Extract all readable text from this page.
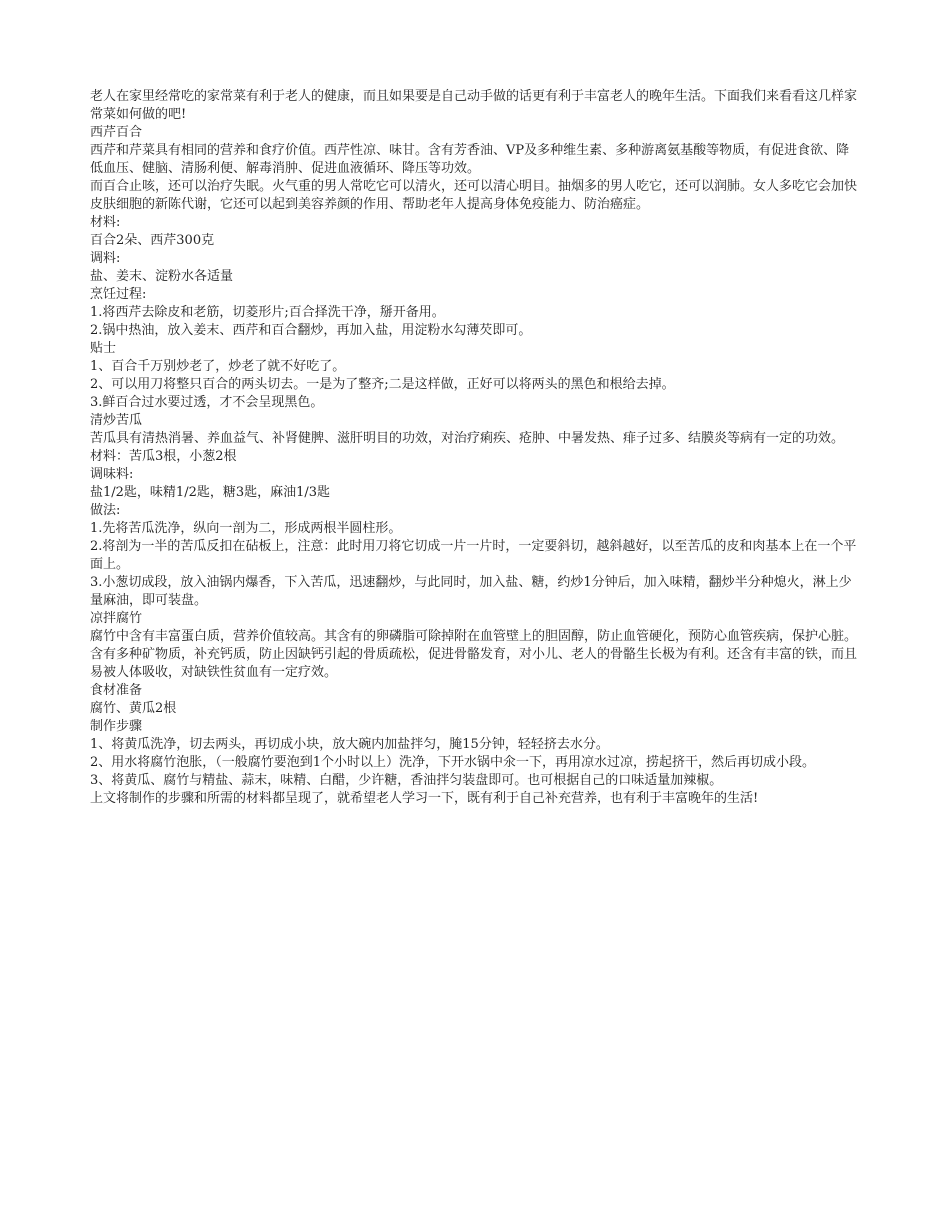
老人在家里经常吃的家常菜有利于老人的健康，而且如果要是自己动手做的话更有利于丰富老人的晚年生活。下面我们来看看这几样家常菜如何做的吧!

西芹百合

西芹和芹菜具有相同的营养和食疗价值。西芹性凉、味甘。含有芳香油、VP及多种维生素、多种游离氨基酸等物质，有促进食欲、降低血压、健脑、清肠利便、解毒消肿、促进血液循环、降压等功效。

而百合止咳，还可以治疗失眠。火气重的男人常吃它可以清火，还可以清心明目。抽烟多的男人吃它，还可以润肺。女人多吃它会加快皮肤细胞的新陈代谢，它还可以起到美容养颜的作用、帮助老年人提高身体免疫能力、防治癌症。

材料:

百合2朵、西芹300克

调料:

盐、姜末、淀粉水各适量

烹饪过程:

1.将西芹去除皮和老筋，切菱形片;百合择洗干净，掰开备用。

2.锅中热油，放入姜末、西芹和百合翻炒，再加入盐，用淀粉水勾薄芡即可。

贴士

1、百合千万别炒老了，炒老了就不好吃了。

2、可以用刀将整只百合的两头切去。一是为了整齐;二是这样做，正好可以将两头的黑色和根给去掉。

3.鲜百合过水要过透，才不会呈现黑色。

清炒苦瓜

苦瓜具有清热消暑、养血益气、补肾健脾、滋肝明目的功效，对治疗痢疾、疮肿、中暑发热、痱子过多、结膜炎等病有一定的功效。

材料：苦瓜3根，小葱2根

调味料:

盐1/2匙，味精1/2匙，糖3匙，麻油1/3匙

做法:

1.先将苦瓜洗净，纵向一剖为二，形成两根半圆柱形。

2.将剖为一半的苦瓜反扣在砧板上，注意：此时用刀将它切成一片一片时，一定要斜切，越斜越好，以至苦瓜的皮和肉基本上在一个平面上。

3.小葱切成段，放入油锅内爆香，下入苦瓜，迅速翻炒，与此同时，加入盐、糖，约炒1分钟后，加入味精，翻炒半分种熄火，淋上少量麻油，即可装盘。

凉拌腐竹

腐竹中含有丰富蛋白质，营养价值较高。其含有的卵磷脂可除掉附在血管壁上的胆固醇，防止血管硬化，预防心血管疾病，保护心脏。含有多种矿物质，补充钙质，防止因缺钙引起的骨质疏松，促进骨骼发育，对小儿、老人的骨骼生长极为有利。还含有丰富的铁，而且易被人体吸收，对缺铁性贫血有一定疗效。

食材准备

腐竹、黄瓜2根

制作步骤

1、将黄瓜洗净，切去两头，再切成小块，放大碗内加盐拌匀，腌15分钟，轻轻挤去水分。

2、用水将腐竹泡胀，（一般腐竹要泡到1个小时以上）洗净，下开水锅中氽一下，再用凉水过凉，捞起挤干，然后再切成小段。

3、将黄瓜、腐竹与精盐、蒜末，味精、白醋，少许糖，香油拌匀装盘即可。也可根据自己的口味适量加辣椒。

上文将制作的步骤和所需的材料都呈现了，就希望老人学习一下，既有利于自己补充营养，也有利于丰富晚年的生活!
